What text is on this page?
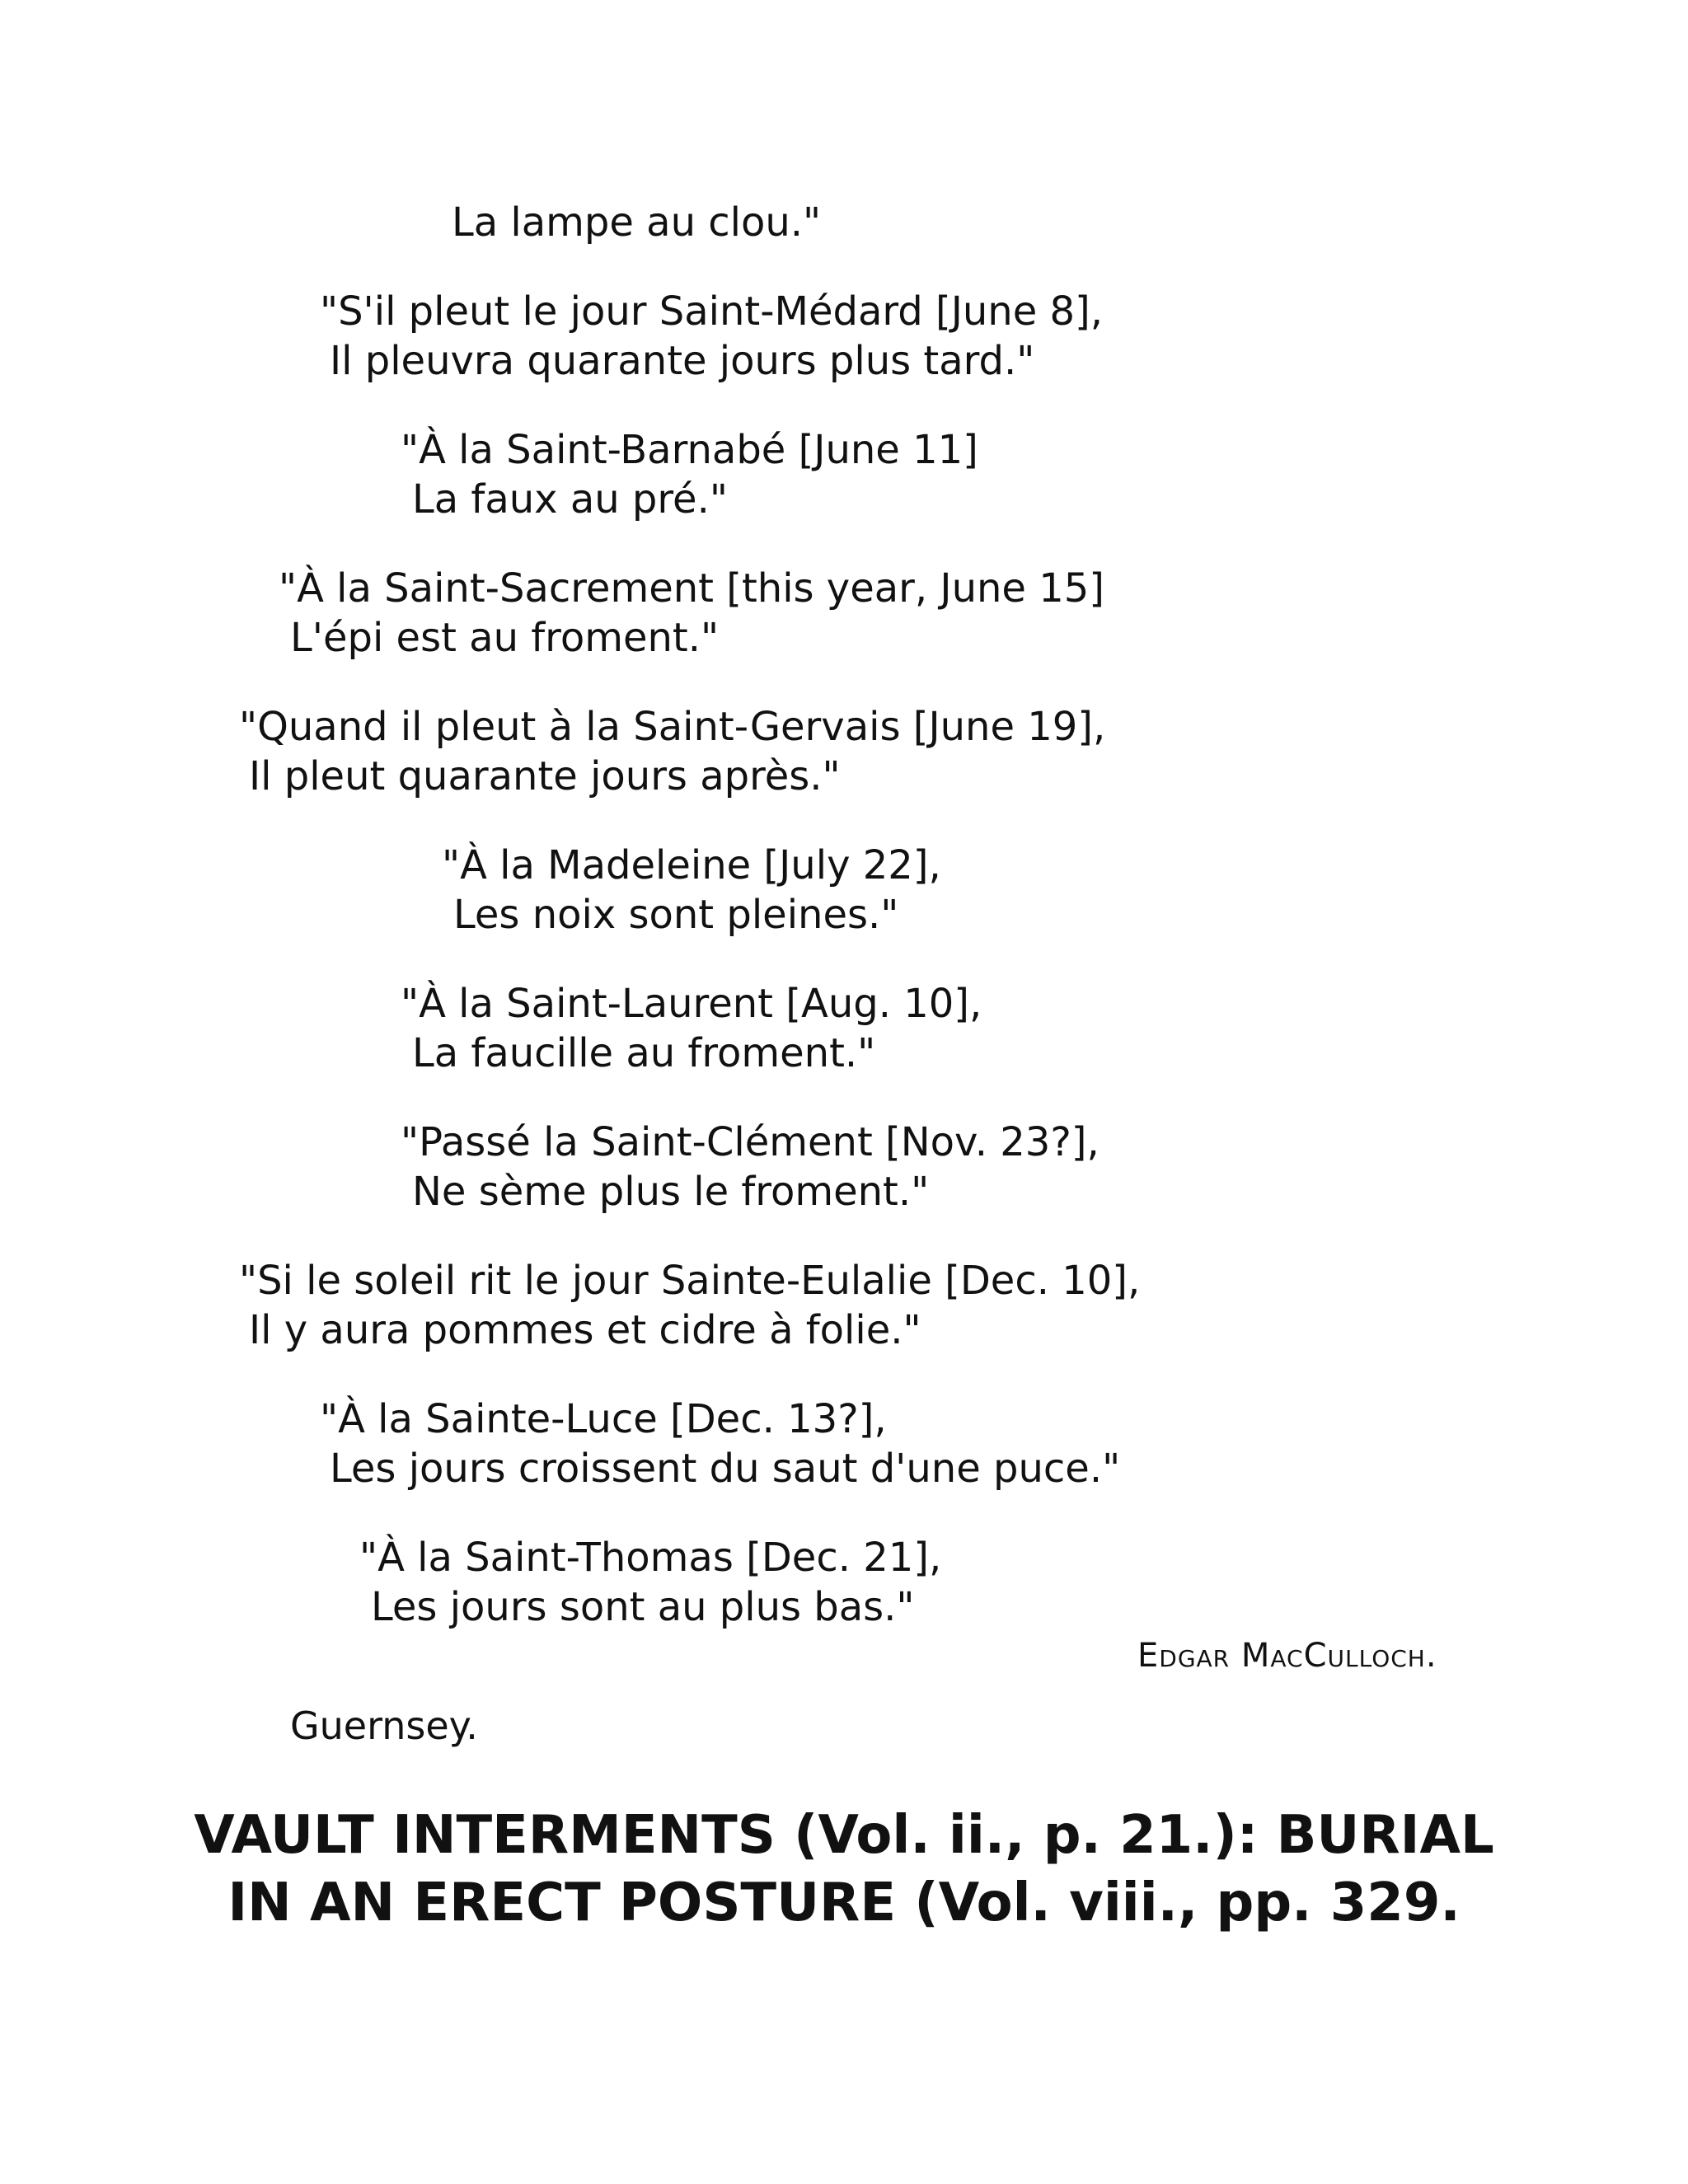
La lampe au clou."

"S'il pleut le jour Saint-Médard [June 8],

Il pleuvra quarante jours plus tard."

"À la Saint-Barnabé [June 11]

La faux au pré."

"À la Saint-Sacrement [this year, June 15]

L'épi est au froment."

"Quand il pleut à la Saint-Gervais [June 19],

Il pleut quarante jours après."

"À la Madeleine [July 22],

Les noix sont pleines."

"À la Saint-Laurent [Aug. 10],

La faucille au froment."

"Passé la Saint-Clément [Nov. 23?],

Ne sème plus le froment."

"Si le soleil rit le jour Sainte-Eulalie [Dec. 10],

Il y aura pommes et cidre à folie."

"À la Sainte-Luce [Dec. 13?],

Les jours croissent du saut d'une puce."

"À la Saint-Thomas [Dec. 21],

Les jours sont au plus bas."

Edgar MacCulloch.
Guernsey.
VAULT INTERMENTS (Vol. ii., p. 21.): BURIAL
IN AN ERECT POSTURE (Vol. viii., pp. 329.
